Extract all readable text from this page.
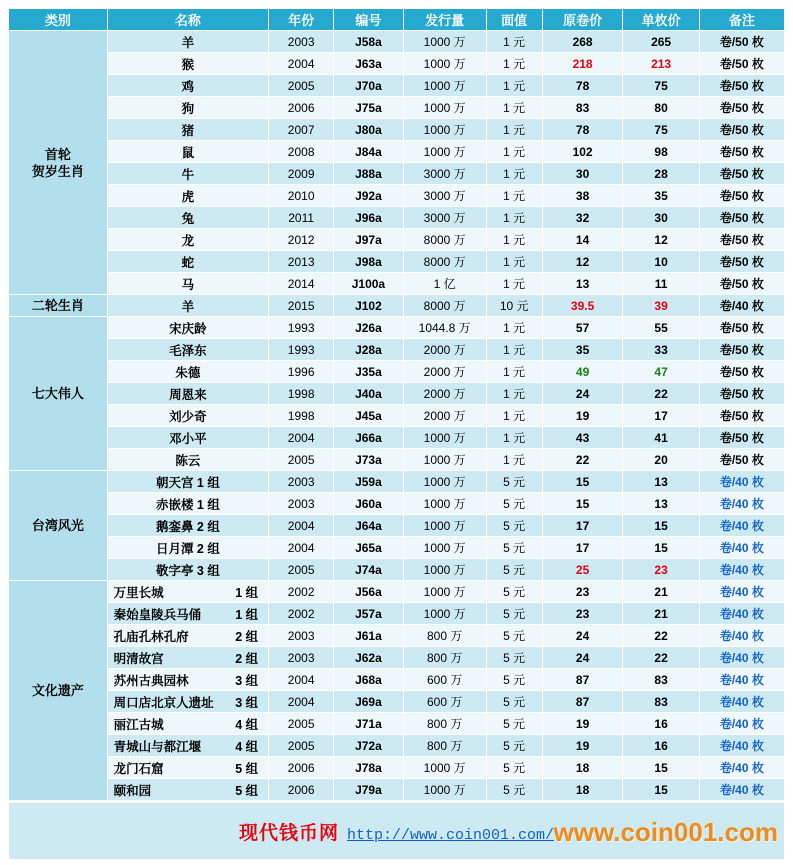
类别	名称	年份	编号	发行量	面值	原卷价	单枚价	备注

首轮
贺岁生肖	羊	2003	J58a	1000 万	1 元	268	265	卷/50 枚

	猴	2004	J63a	1000 万	1 元	218	213	卷/50 枚

	鸡	2005	J70a	1000 万	1 元	78	75	卷/50 枚

	狗	2006	J75a	1000 万	1 元	83	80	卷/50 枚

	猪	2007	J80a	1000 万	1 元	78	75	卷/50 枚

	鼠	2008	J84a	1000 万	1 元	102	98	卷/50 枚

	牛	2009	J88a	3000 万	1 元	30	28	卷/50 枚

	虎	2010	J92a	3000 万	1 元	38	35	卷/50 枚

	兔	2011	J96a	3000 万	1 元	32	30	卷/50 枚

	龙	2012	J97a	8000 万	1 元	14	12	卷/50 枚

	蛇	2013	J98a	8000 万	1 元	12	10	卷/50 枚

	马	2014	J100a	1 亿	1 元	13	11	卷/50 枚

二轮生肖	羊	2015	J102	8000 万	10 元	39.5	39	卷/40 枚

七大伟人	宋庆龄	1993	J26a	1044.8 万	1 元	57	55	卷/50 枚

	毛泽东	1993	J28a	2000 万	1 元	35	33	卷/50 枚

	朱德	1996	J35a	2000 万	1 元	49	47	卷/50 枚

	周恩来	1998	J40a	2000 万	1 元	24	22	卷/50 枚

	刘少奇	1998	J45a	2000 万	1 元	19	17	卷/50 枚

	邓小平	2004	J66a	1000 万	1 元	43	41	卷/50 枚

	陈云	2005	J73a	1000 万	1 元	22	20	卷/50 枚

台湾风光	朝天宫 1 组	2003	J59a	1000 万	5 元	15	13	卷/40 枚

	赤嵌楼 1 组	2003	J60a	1000 万	5 元	15	13	卷/40 枚

	鹅銮鼻 2 组	2004	J64a	1000 万	5 元	17	15	卷/40 枚

	日月潭 2 组	2004	J65a	1000 万	5 元	17	15	卷/40 枚

	敬字亭 3 组	2005	J74a	1000 万	5 元	25	23	卷/40 枚

文化遗产	万里长城 1 组	2002	J56a	1000 万	5 元	23	21	卷/40 枚

	秦始皇陵兵马俑 1 组	2002	J57a	1000 万	5 元	23	21	卷/40 枚

	孔庙孔林孔府 2 组	2003	J61a	800 万	5 元	24	22	卷/40 枚

	明清故宫 2 组	2003	J62a	800 万	5 元	24	22	卷/40 枚

	苏州古典园林 3 组	2004	J68a	600 万	5 元	87	83	卷/40 枚

	周口店北京人遗址 3 组	2004	J69a	600 万	5 元	87	83	卷/40 枚

	丽江古城 4 组	2005	J71a	800 万	5 元	19	16	卷/40 枚

	青城山与都江堰 4 组	2005	J72a	800 万	5 元	19	16	卷/40 枚

	龙门石窟 5 组	2006	J78a	1000 万	5 元	18	15	卷/40 枚

	颐和园 5 组	2006	J79a	1000 万	5 元	18	15	卷/40 枚
现代钱币网 http://www.coin001.com/ www.coin001.com
